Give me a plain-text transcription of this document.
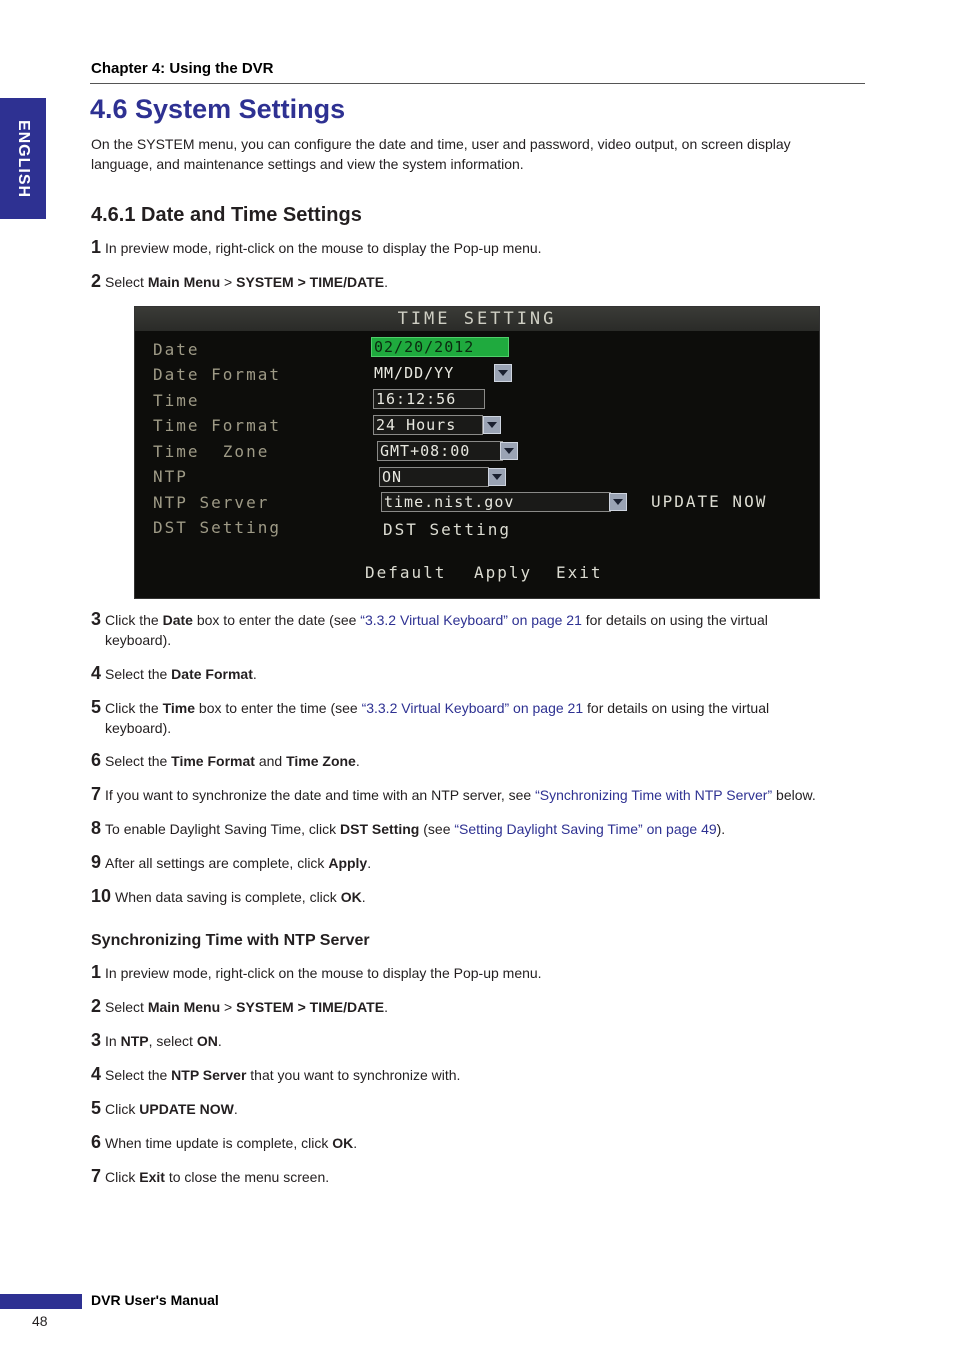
Chapter 4: Using the DVR
ENGLISH
4.6 System Settings
On the SYSTEM menu, you can configure the date and time, user and password, video output, on screen display language, and maintenance settings and view the system information.
4.6.1 Date and Time Settings
1 In preview mode, right-click on the mouse to display the Pop-up menu.
2 Select Main Menu > SYSTEM > TIME/DATE.
TIME SETTING
Date
Date Format
Time
Time Format
Time  Zone
NTP
NTP Server
DST Setting
02/20/2012
MM/DD/YY
16:12:56
24 Hours
GMT+08:00
ON
time.nist.gov	UPDATE NOW
DST Setting
Default Apply Exit
3 Click the Date box to enter the date (see “3.3.2 Virtual Keyboard” on page 21 for details on using the virtual
keyboard).
4 Select the Date Format.
5 Click the Time box to enter the time (see “3.3.2 Virtual Keyboard” on page 21 for details on using the virtual
keyboard).
6 Select the Time Format and Time Zone.
7 If you want to synchronize the date and time with an NTP server, see “Synchronizing Time with NTP Server” below.
8 To enable Daylight Saving Time, click DST Setting (see “Setting Daylight Saving Time” on page 49).
9 After all settings are complete, click Apply.
10 When data saving is complete, click OK.
Synchronizing Time with NTP Server
1 In preview mode, right-click on the mouse to display the Pop-up menu.
2 Select Main Menu > SYSTEM > TIME/DATE.
3 In NTP, select ON.
4 Select the NTP Server that you want to synchronize with.
5 Click UPDATE NOW.
6 When time update is complete, click OK.
7 Click Exit to close the menu screen.
DVR User's Manual
48
